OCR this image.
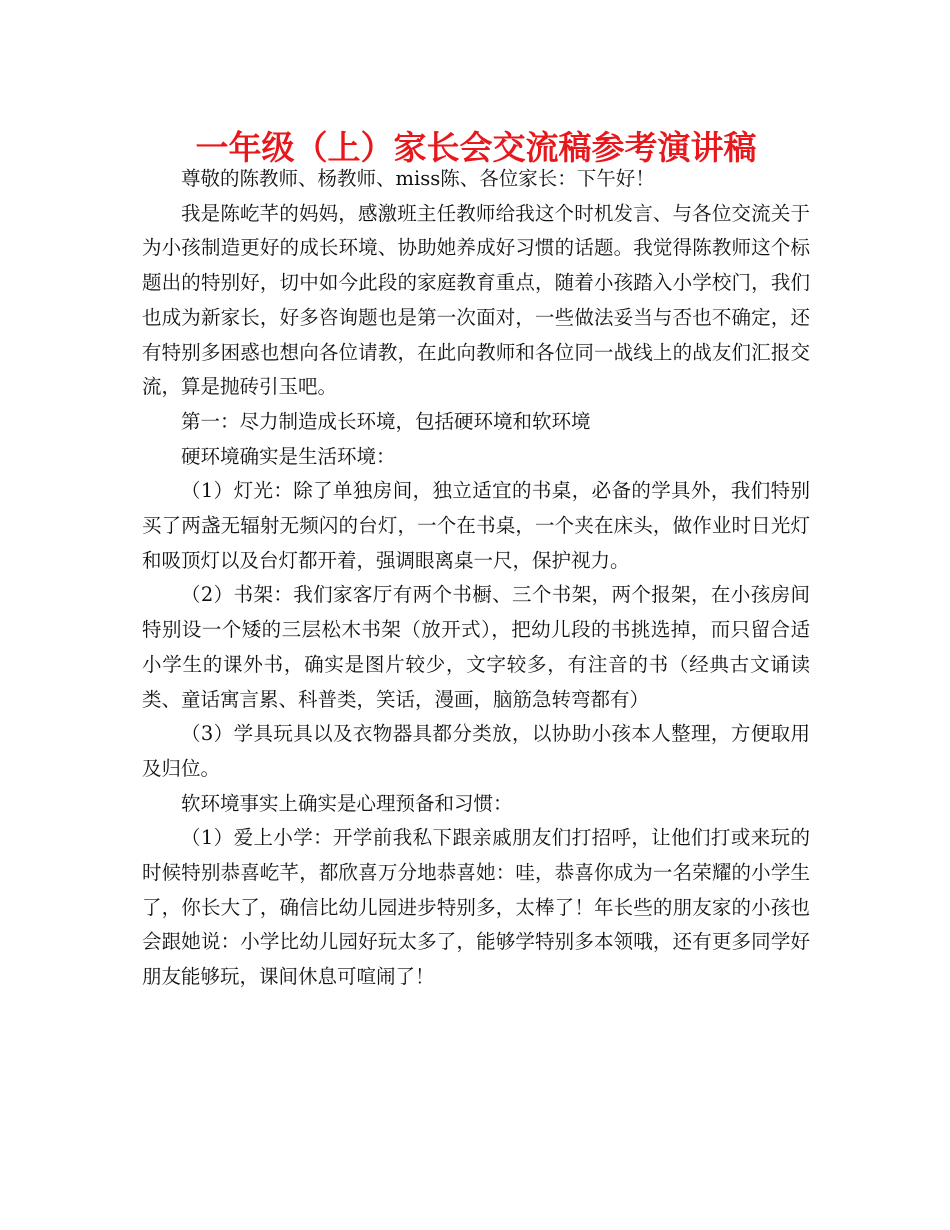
一年级（上）家长会交流稿参考演讲稿

尊敬的陈教师、杨教师、miss陈、各位家长：下午好！

我是陈屹芊的妈妈，感激班主任教师给我这个时机发言、与各位交流关于为小孩制造更好的成长环境、协助她养成好习惯的话题。我觉得陈教师这个标题出的特别好，切中如今此段的家庭教育重点，随着小孩踏入小学校门，我们也成为新家长，好多咨询题也是第一次面对，一些做法妥当与否也不确定，还有特别多困惑也想向各位请教，在此向教师和各位同一战线上的战友们汇报交流，算是抛砖引玉吧。

第一：尽力制造成长环境，包括硬环境和软环境

硬环境确实是生活环境：

（1）灯光：除了单独房间，独立适宜的书桌，必备的学具外，我们特别买了两盏无辐射无频闪的台灯，一个在书桌，一个夹在床头，做作业时日光灯和吸顶灯以及台灯都开着，强调眼离桌一尺，保护视力。

（2）书架：我们家客厅有两个书橱、三个书架，两个报架，在小孩房间特别设一个矮的三层松木书架（放开式），把幼儿段的书挑选掉，而只留合适小学生的课外书，确实是图片较少，文字较多，有注音的书（经典古文诵读类、童话寓言累、科普类，笑话，漫画，脑筋急转弯都有）

（3）学具玩具以及衣物器具都分类放，以协助小孩本人整理，方便取用及归位。

软环境事实上确实是心理预备和习惯：

（1）爱上小学：开学前我私下跟亲戚朋友们打招呼，让他们打或来玩的时候特别恭喜屹芊，都欣喜万分地恭喜她：哇，恭喜你成为一名荣耀的小学生了，你长大了，确信比幼儿园进步特别多，太棒了！年长些的朋友家的小孩也会跟她说：小学比幼儿园好玩太多了，能够学特别多本领哦，还有更多同学好朋友能够玩，课间休息可喧闹了！
